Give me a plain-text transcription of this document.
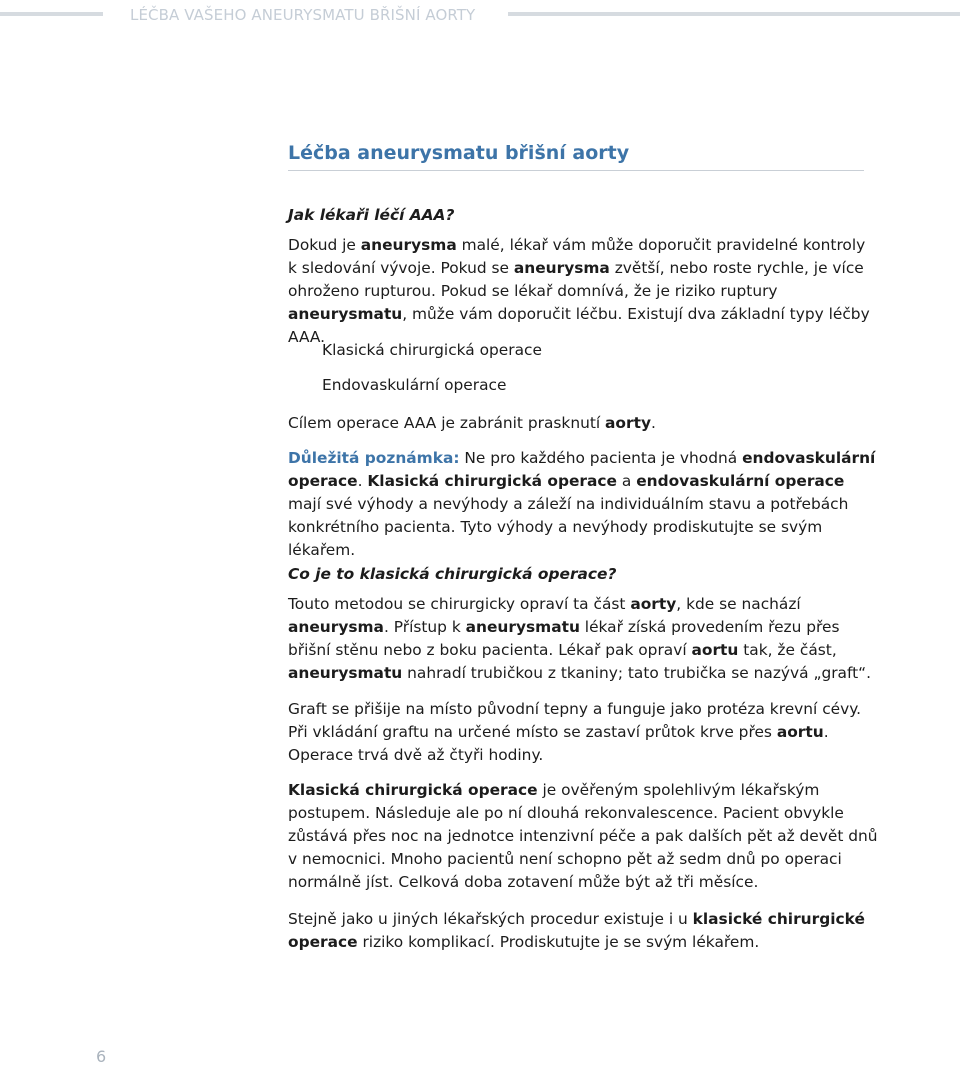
LÉČBA VAŠEHO ANEURYSMATU BŘIŠNÍ AORTY
Léčba aneurysmatu břišní aorty

Jak lékaři léčí AAA?

Dokud je aneurysma malé, lékař vám může doporučit pravidelné kontroly k sledování vývoje. Pokud se aneurysma zvětší, nebo roste rychle, je více ohroženo rupturou. Pokud se lékař domnívá, že je riziko ruptury aneurysmatu, může vám doporučit léčbu. Existují dva základní typy léčby AAA.

Klasická chirurgická operace

Endovaskulární operace

Cílem operace AAA je zabránit prasknutí aorty.

Důležitá poznámka: Ne pro každého pacienta je vhodná endovaskulární operace. Klasická chirurgická operace a endovaskulární operace mají své výhody a nevýhody a záleží na individuálním stavu a potřebách konkrétního pacienta. Tyto výhody a nevýhody prodiskutujte se svým lékařem.

Co je to klasická chirurgická operace?

Touto metodou se chirurgicky opraví ta část aorty, kde se nachází aneurysma. Přístup k aneurysmatu lékař získá provedením řezu přes břišní stěnu nebo z boku pacienta. Lékař pak opraví aortu tak, že část, aneurysmatu nahradí trubičkou z tkaniny; tato trubička se nazývá „graft“.

Graft se přišije na místo původní tepny a funguje jako protéza krevní cévy. Při vkládání graftu na určené místo se zastaví průtok krve přes aortu. Operace trvá dvě až čtyři hodiny.

Klasická chirurgická operace je ověřeným spolehlivým lékařským postupem. Následuje ale po ní dlouhá rekonvalescence. Pacient obvykle zůstává přes noc na jednotce intenzivní péče a pak dalších pět až devět dnů v nemocnici. Mnoho pacientů není schopno pět až sedm dnů po operaci normálně jíst. Celková doba zotavení může být až tři měsíce.

Stejně jako u jiných lékařských procedur existuje i u klasické chirurgické operace riziko komplikací. Prodiskutujte je se svým lékařem.

6
